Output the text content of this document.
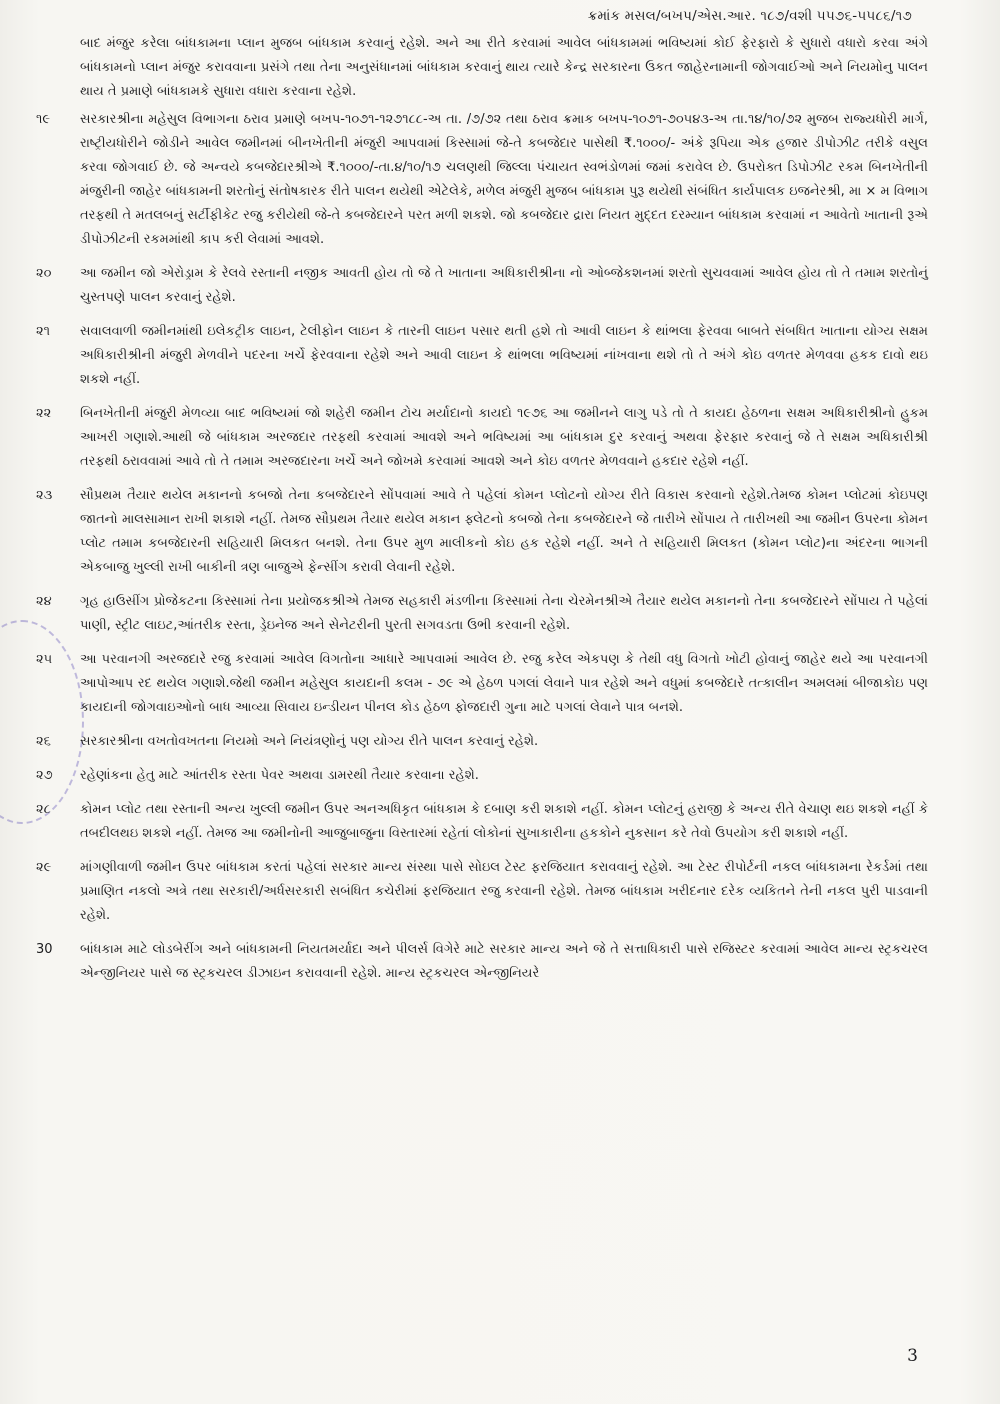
ક્રમાંક મસલ/બખપ/એસ.આર. ૧૮૭/વશી ૫૫૭૬-૫૫૮૬/૧૭
બાદ મંજુર કરેલા બાંધકામના પ્લાન મુજબ બાંધકામ કરવાનું રહેશે. અને આ રીતે કરવામાં આવેલ બાંધકામમાં ભવિષ્યમાં કોઈ ફેરફારો કે સુધારો વધારો કરવા અંગે બાંધકામનો પ્લાન મંજુર કરાવવાના પ્રસંગે તથા તેના અનુસંધાનમાં બાંધકામ કરવાનું થાય ત્યારે કેન્દ્ર સરકારના ઉકત જાહેરનામાની જોગવાઈઓ અને નિયમોનુ પાલન થાય તે પ્રમાણે બાંધકામકે સુધારા વધારા કરવાના રહેશે.
૧૯	સરકારશ્રીના મહેસુલ વિભાગના ઠરાવ પ્રમાણે બખપ-૧૦૭૧-૧૨૭૧૮૮-અ તા. /૭/૭૨ તથા ઠરાવ ક્રમાક બખપ-૧૦૭૧-૭૦૫૪૩-અ તા.૧૪/૧૦/૭૨ મુજબ રાજ્યધોરી માર્ગ, રાષ્ટ્રીયધોરીને જોડીને આવેલ જમીનમાં બીનખેતીની મંજુરી આપવામાં કિસ્સામાં જે-તે કબજેદાર પાસેથી ₹.૧૦૦૦/- અંકે રૂપિયા એક હજાર ડીપોઝીટ તરીકે વસુલ કરવા જોગવાઈ છે. જે અન્વયે કબજેદારશ્રીએ ₹.૧૦૦૦/-તા.૪/૧૦/૧૭ ચલણથી જિલ્લા પંચાયત સ્વભંડોળમાં જમાં કરાવેલ છે. ઉપરોક્ત ડિપોઝીટ રકમ બિનખેતીની મંજુરીની જાહેર બાંધકામની શરતોનું સંતોષકારક રીતે પાલન થયેથી એટેલેકે, મળેલ મંજુરી મુજબ બાંધકામ પુરૂ થયેથી સંબંધિત કાર્યપાલક ઇજનેરશ્રી, મા × મ વિભાગ તરફથી તે મતલબનું સર્ટીફીકેટ રજુ કરીયેથી જે-તે કબજેદારને પરત મળી શકશે. જો કબજેદાર દ્રારા નિયત મુદ્દત દરમ્યાન બાંધકામ કરવામાં ન આવેતો ખાતાની રૂએ ડીપોઝીટની રકમમાંથી કાપ કરી લેવામાં આવશે.
૨૦	આ જમીન જો એરોડ્રામ કે રેલવે રસ્તાની નજીક આવતી હોય તો જે તે ખાતાના અધિકારીશ્રીના નો ઓબ્જેકશનમાં શરતો સુચવવામાં આવેલ હોય તો તે તમામ શરતોનું ચુસ્તપણે પાલન કરવાનું રહેશે.
૨૧	સવાલવાળી જમીનમાંથી ઇલેકટ્રીક લાઇન, ટેલીફોન લાઇન કે તારની લાઇન પસાર થતી હશે તો આવી લાઇન કે થાંભલા ફેરવવા બાબતે સંબધિત ખાતાના યોગ્ય સક્ષમ અધિકારીશ્રીની મંજુરી મેળવીને પદરના ખર્ચે ફેરવવાના રહેશે અને આવી લાઇન કે થાંભલા ભવિષ્યમાં નાંખવાના થશે તો તે અંગે કોઇ વળતર મેળવવા હકક દાવો થઇ શકશે નહીં.
૨૨	બિનખેતીની મંજુરી મેળવ્યા બાદ ભવિષ્યમાં જો શહેરી જમીન ટોચ મર્યાદાનો કાયદો ૧૯૭૬ આ જમીનને લાગુ પડે તો તે કાયદા હેઠળના સક્ષમ અધિકારીશ્રીનો હુકમ આખરી ગણાશે.આથી જે બાંધકામ અરજદાર તરફથી કરવામાં આવશે અને ભવિષ્યમાં આ બાંધકામ દુર કરવાનું અથવા ફેરફાર કરવાનું જે તે સક્ષમ અધિકારીશ્રી તરફથી ઠરાવવામાં આવે તો તે તમામ અરજદારના ખર્ચે અને જોખમે કરવામાં આવશે અને કોઇ વળતર મેળવવાને હકદાર રહેશે નહીં.
૨૩	સૌપ્રથમ તૈયાર થયેલ મકાનનો કબજો તેના કબજેદારને સોંપવામાં આવે તે પહેલાં કોમન પ્લોટનો યોગ્ય રીતે વિકાસ કરવાનો રહેશે.તેમજ કોમન પ્લોટમાં કોઇપણ જાતનો માલસામાન રાખી શકાશે નહીં. તેમજ સૌપ્રથમ તૈયાર થયેલ મકાન ફ્લેટનો કબજો તેના કબજેદારને જે તારીખે સોંપાય તે તારીખથી આ જમીન ઉપરના કોમન પ્લોટ તમામ કબજેદારની સહિયારી મિલકત બનશે. તેના ઉપર મુળ માલીકનો કોઇ હક રહેશે નહીં. અને તે સહિયારી મિલકત (કોમન પ્લોટ)ના અંદરના ભાગની એકબાજુ ખુલ્લી રાખી બાકીની ત્રણ બાજુએ ફેન્સીંગ કરાવી લેવાની રહેશે.
૨૪	ગૃહ હાઉસીંગ પ્રોજેકટના કિસ્સામાં તેના પ્રયોજકશ્રીએ તેમજ સહકારી મંડળીના કિસ્સામાં તેના ચેરમેનશ્રીએ તૈયાર થયેલ મકાનનો તેના કબજેદારને સોંપાય તે પહેલાં પાણી, સ્ટ્રીટ લાઇટ,આંતરીક રસ્તા, ડ્રેઇનેજ અને સેનેટરીની પુરતી સગવડતા ઉભી કરવાની રહેશે.
૨૫	આ પરવાનગી અરજદારે રજુ કરવામાં આવેલ વિગતોના આધારે આપવામાં આવેલ છે. રજુ કરેલ એકપણ કે તેથી વધુ વિગતો ખોટી હોવાનું જાહેર થયે આ પરવાનગી આપોઆપ રદ થયેલ ગણાશે.જેથી જમીન મહેસુલ કાયદાની કલમ - ૭૯ એ હેઠળ પગલાં લેવાને પાત્ર રહેશે અને વધુમાં કબજેદારે તત્કાલીન અમલમાં બીજાકોઇ પણ કાયદાની જોગવાઇઓનો બાધ આવ્યા સિવાય ઇન્ડીયન પીનલ કોડ હેઠળ ફોજદારી ગુના માટે પગલાં લેવાને પાત્ર બનશે.
૨૬	સરકારશ્રીના વખતોવખતના નિયમો અને નિયંત્રણોનું પણ યોગ્ય રીતે પાલન કરવાનું રહેશે.
૨૭	રહેણાંકના હેતુ માટે આંતરીક રસ્તા પેવર અથવા ડામરથી તૈયાર કરવાના રહેશે.
૨૮	કોમન પ્લોટ તથા રસ્તાની અન્ય ખુલ્લી જમીન ઉપર અનઅધિકૃત બાંધકામ કે દબાણ કરી શકાશે નહીં. કોમન પ્લોટનું હરાજી કે અન્ય રીતે વેચાણ થઇ શકશે નહીં કે તબદીલથઇ શકશે નહીં. તેમજ આ જમીનોની આજુબાજુના વિસ્તારમાં રહેતાં લોકોનાં સુખાકારીના હકકોને નુકસાન કરે તેવો ઉપયોગ કરી શકાશે નહીં.
૨૯	માંગણીવાળી જમીન ઉપર બાંધકામ કરતાં પહેલાં સરકાર માન્ય સંસ્થા પાસે સોઇલ ટેસ્ટ ફરજિયાત કરાવવાનું રહેશે. આ ટેસ્ટ રીપોર્ટની નકલ બાંધકામના રેકર્ડમાં તથા પ્રમાણિત નકલો અત્રે તથા સરકારી/અર્ધસરકારી સબંધિત કચેરીમાં ફરજિયાત રજુ કરવાની રહેશે. તેમજ બાંધકામ ખરીદનાર દરેક વ્યકિતને તેની નકલ પુરી પાડવાની રહેશે.
30	બાંધકામ માટે લોડબેરીંગ અને બાંધકામની નિયતમર્યાદા અને પીલર્સ વિગેરે માટે સરકાર માન્ય અને જે તે સત્તાધિકારી પાસે રજિસ્ટર કરવામાં આવેલ માન્ય સ્ટ્રકચરલ એન્જીનિયર પાસે જ સ્ટ્રકચરલ ડીઝાઇન કરાવવાની રહેશે. માન્ય સ્ટ્રકચરલ એન્જીનિયરે
3
